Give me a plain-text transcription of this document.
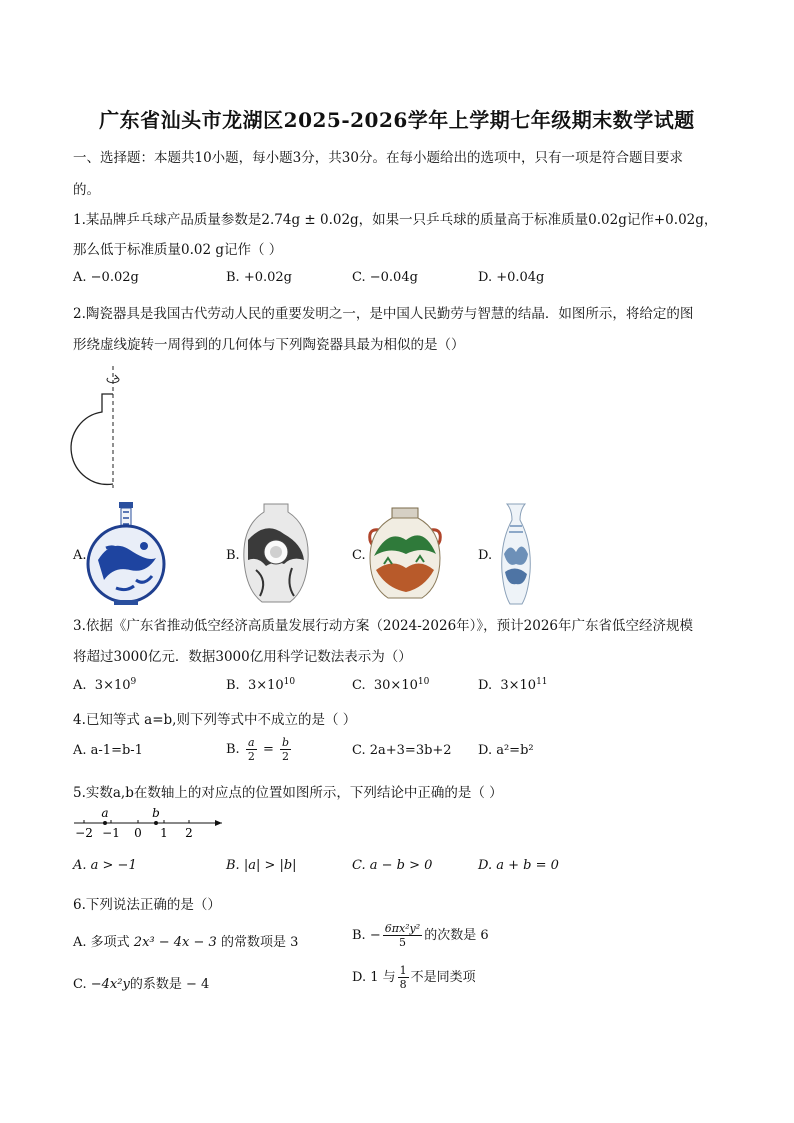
广东省汕头市龙湖区2025-2026学年上学期七年级期末数学试题
一、选择题：本题共10小题，每小题3分，共30分。在每小题给出的选项中，只有一项是符合题目要求
的。
1.某品牌乒乓球产品质量参数是2.74g ± 0.02g，如果一只乒乓球的质量高于标准质量0.02g记作+0.02g，
那么低于标准质量0.02 g记作（ ）
A. −0.02g	B. +0.02g	C. −0.04g	D. +0.04g
2.陶瓷器具是我国古代劳动人民的重要发明之一，是中国人民勤劳与智慧的结晶．如图所示，将给定的图
形绕虚线旋转一周得到的几何体与下列陶瓷器具最为相似的是（）
A.	B.	C.	D.
3.依据《广东省推动低空经济高质量发展行动方案（2024-2026年）》，预计2026年广东省低空经济规模
将超过3000亿元．数据3000亿用科学记数法表示为（）
A. $3\times 10^9$	B. $3\times 10^{10}$	C. $30\times 10^{10}$	D. $3\times 10^{11}$
4.已知等式 a=b,则下列等式中不成立的是（ ）
A. a-1=b-1	B. $\frac{a}{2} = \frac{b}{2}$	C. 2a+3=3b+2 D. a²=b²
5.实数a,b在数轴上的对应点的位置如图所示，下列结论中正确的是（ ）
a	b
−2 −1 0 1 2
A. a > −1	B. |a| > |b|	C. a − b > 0	D. a + b = 0
6.下列说法正确的是（）
A. 多项式 2x³ − 4x − 3 的常数项是 3	B. − $\frac{\text{6πx²y²}}{5}$ 的次数是 6
C. −4x²y的系数是 − 4	D. 1 与 $\frac{1}{8}$ 不是同类项
